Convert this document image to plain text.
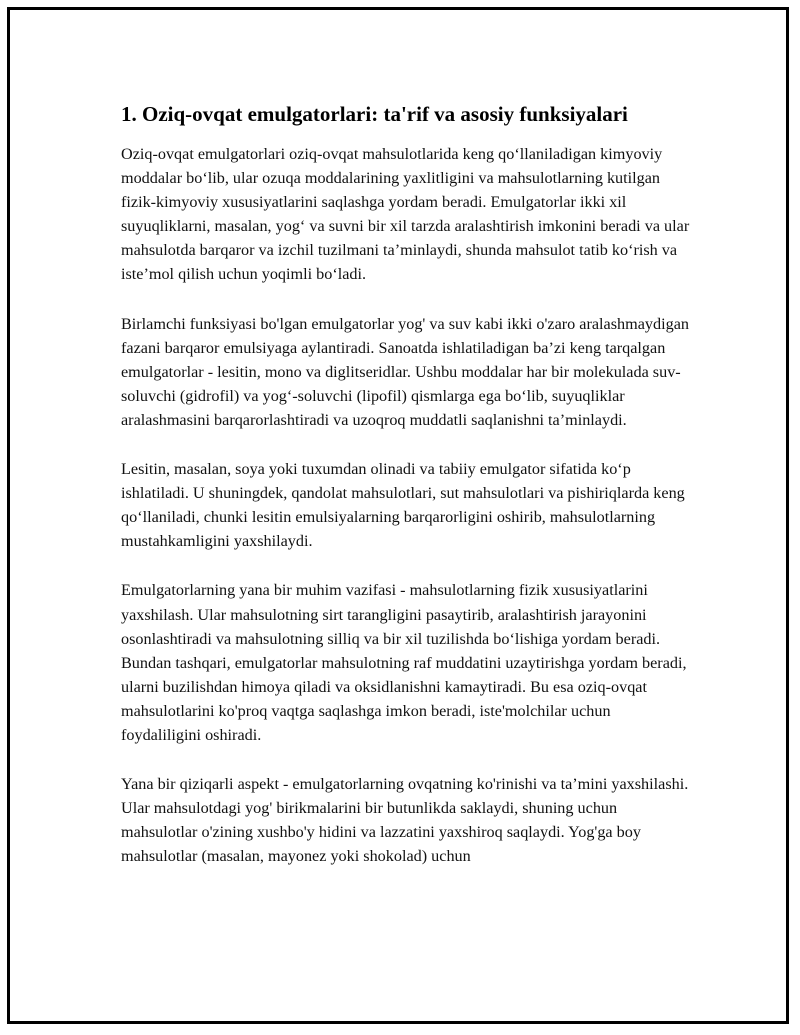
1. Oziq-ovqat emulgatorlari: ta'rif va asosiy funksiyalari

Oziq-ovqat emulgatorlari oziq-ovqat mahsulotlarida keng qo‘llaniladigan kimyoviy moddalar bo‘lib, ular ozuqa moddalarining yaxlitligini va mahsulotlarning kutilgan fizik-kimyoviy xususiyatlarini saqlashga yordam beradi. Emulgatorlar ikki xil suyuqliklarni, masalan, yog‘ va suvni bir xil tarzda aralashtirish imkonini beradi va ular mahsulotda barqaror va izchil tuzilmani ta’minlaydi, shunda mahsulot tatib ko‘rish va iste’mol qilish uchun yoqimli bo‘ladi.

Birlamchi funksiyasi bo'lgan emulgatorlar yog' va suv kabi ikki o'zaro aralashmaydigan fazani barqaror emulsiyaga aylantiradi. Sanoatda ishlatiladigan ba’zi keng tarqalgan emulgatorlar - lesitin, mono va diglitseridlar. Ushbu moddalar har bir molekulada suv-soluvchi (gidrofil) va yog‘-soluvchi (lipofil) qismlarga ega bo‘lib, suyuqliklar aralashmasini barqarorlashtiradi va uzoqroq muddatli saqlanishni ta’minlaydi.

Lesitin, masalan, soya yoki tuxumdan olinadi va tabiiy emulgator sifatida ko‘p ishlatiladi. U shuningdek, qandolat mahsulotlari, sut mahsulotlari va pishiriqlarda keng qo‘llaniladi, chunki lesitin emulsiyalarning barqarorligini oshirib, mahsulotlarning mustahkamligini yaxshilaydi.

Emulgatorlarning yana bir muhim vazifasi - mahsulotlarning fizik xususiyatlarini yaxshilash. Ular mahsulotning sirt tarangligini pasaytirib, aralashtirish jarayonini osonlashtiradi va mahsulotning silliq va bir xil tuzilishda bo‘lishiga yordam beradi. Bundan tashqari, emulgatorlar mahsulotning raf muddatini uzaytirishga yordam beradi, ularni buzilishdan himoya qiladi va oksidlanishni kamaytiradi. Bu esa oziq-ovqat mahsulotlarini ko'proq vaqtga saqlashga imkon beradi, iste'molchilar uchun foydaliligini oshiradi.

Yana bir qiziqarli aspekt - emulgatorlarning ovqatning ko'rinishi va ta’mini yaxshilashi. Ular mahsulotdagi yog' birikmalarini bir butunlikda saklaydi, shuning uchun mahsulotlar o'zining xushbo'y hidini va lazzatini yaxshiroq saqlaydi. Yog'ga boy mahsulotlar (masalan, mayonez yoki shokolad) uchun
